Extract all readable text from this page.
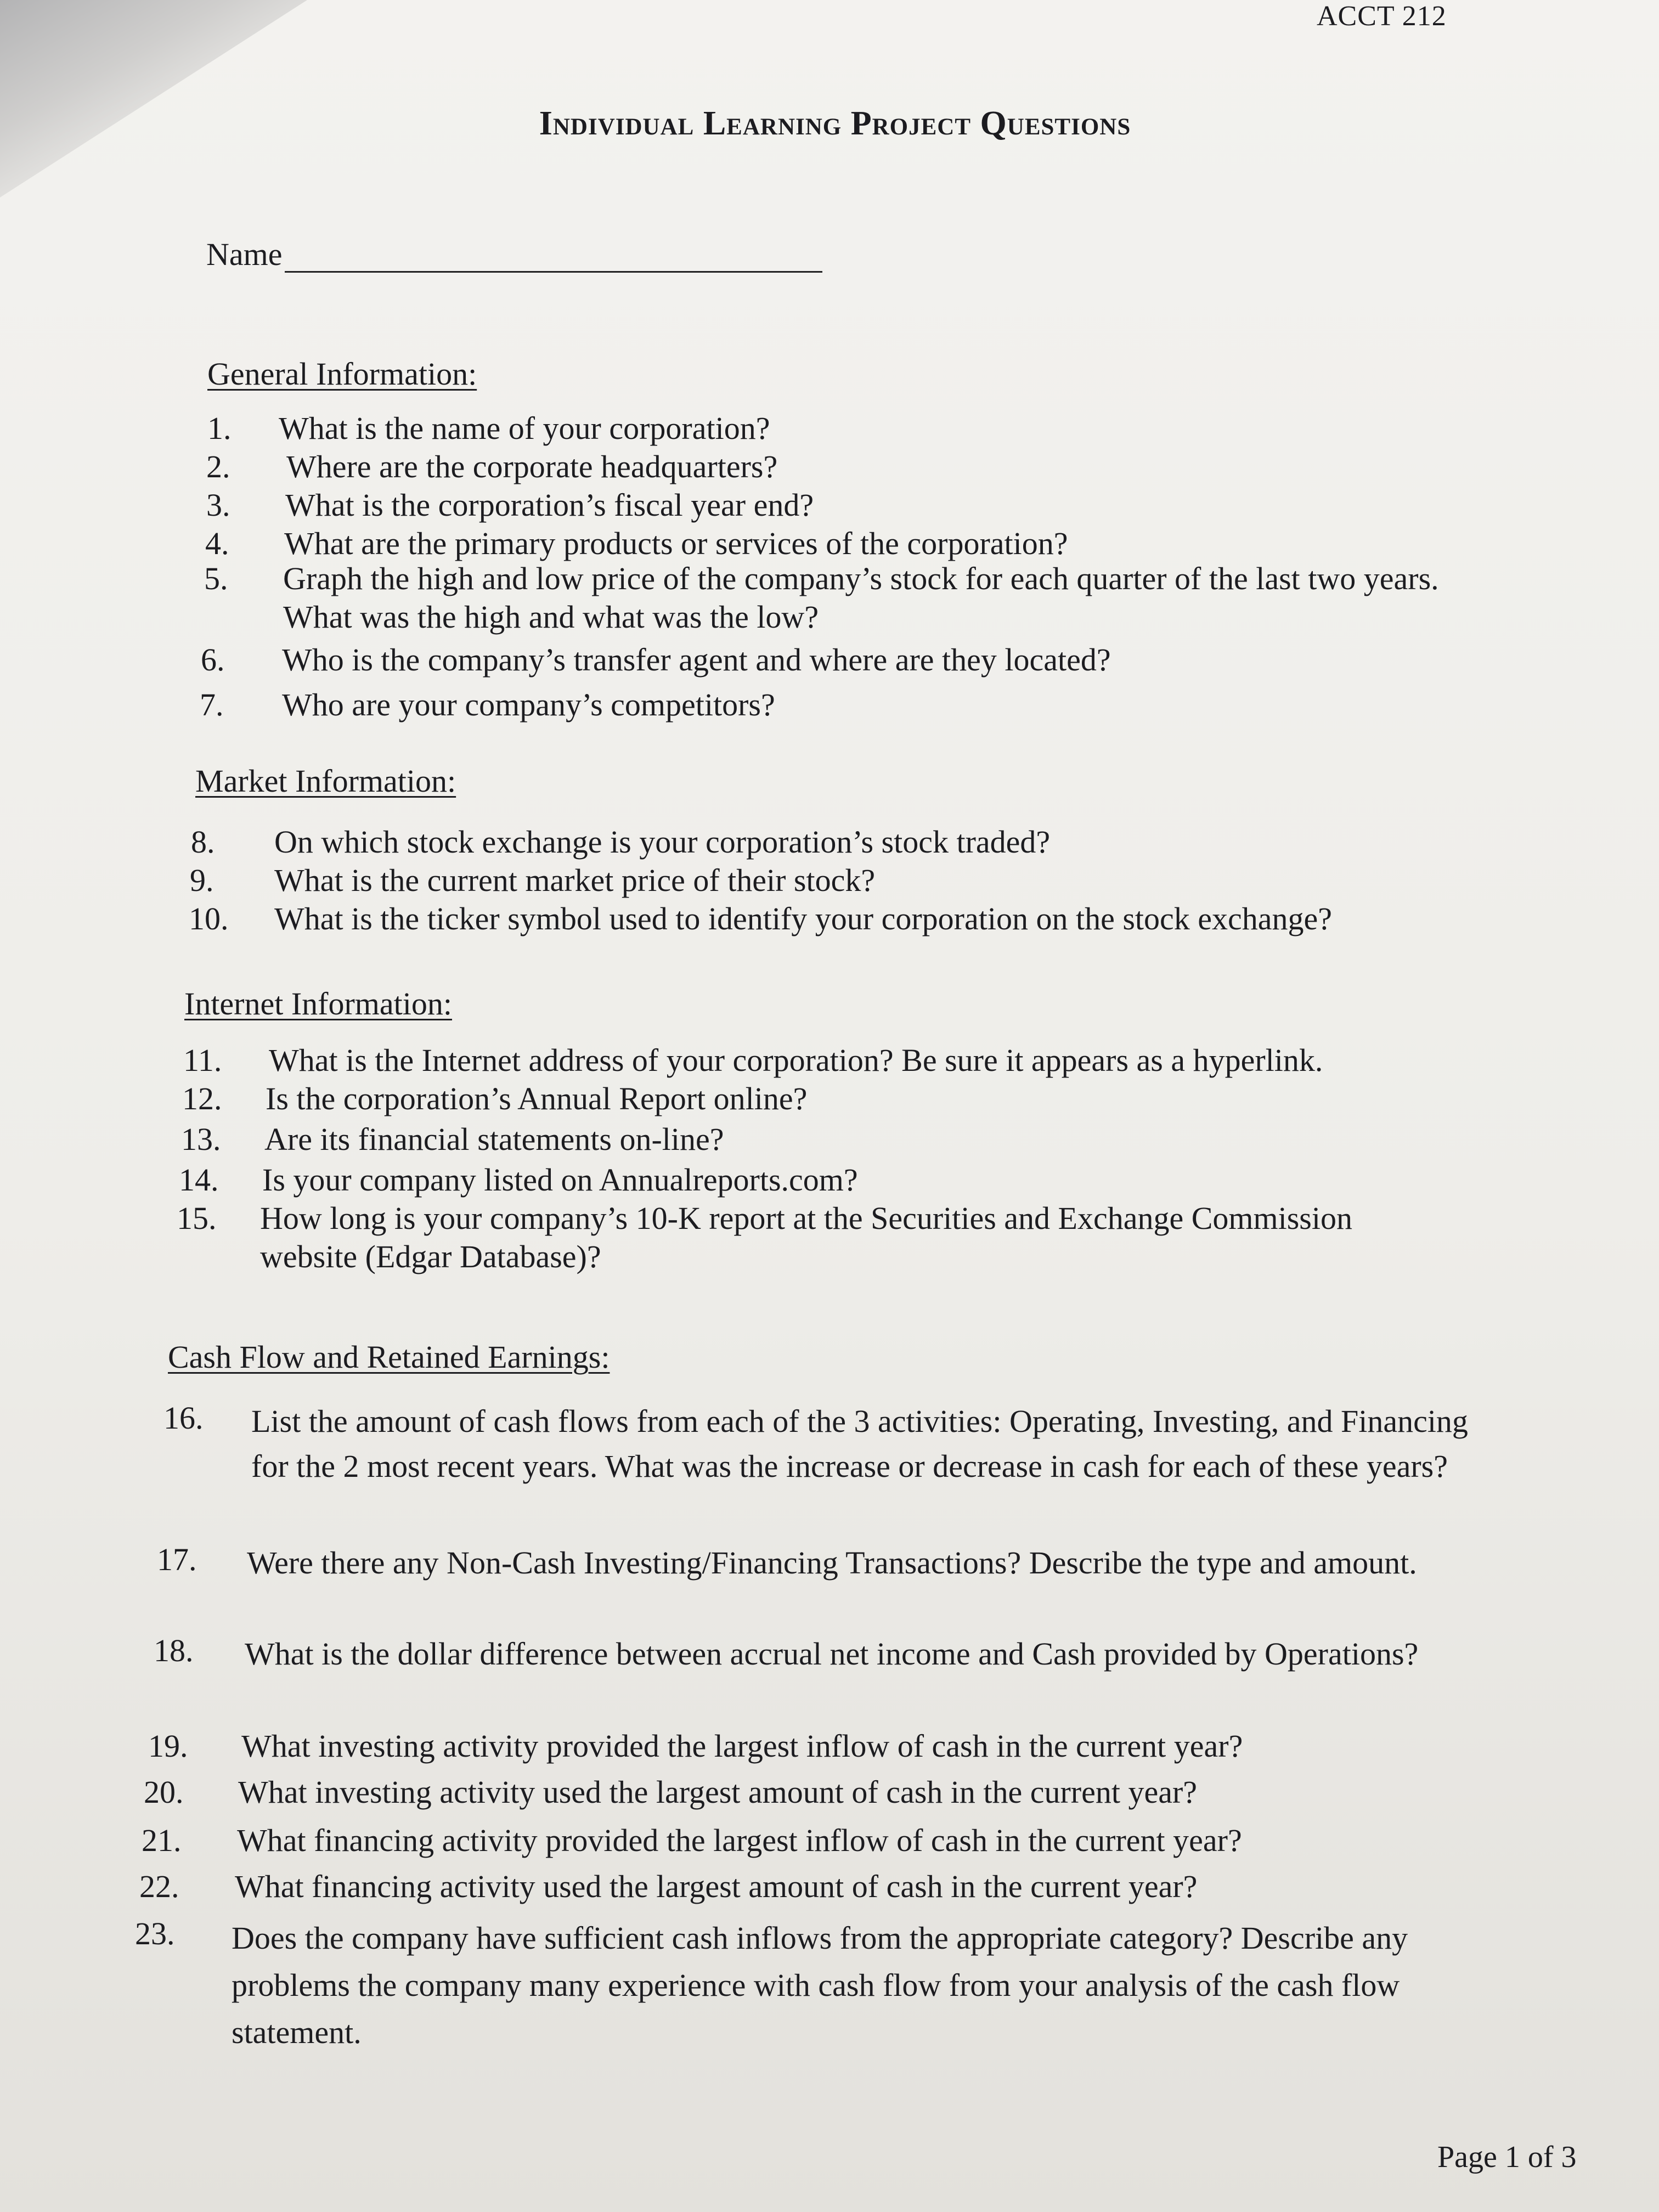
ACCT 212
Individual Learning Project Questions
Name
General Information:
1.	What is the name of your corporation?
2.	Where are the corporate headquarters?
3.	What is the corporation’s fiscal year end?
4.	What are the primary products or services of the corporation?
5.	Graph the high and low price of the company’s stock for each quarter of the last two years. What was the high and what was the low?
6.	Who is the company’s transfer agent and where are they located?
7.	Who are your company’s competitors?
Market Information:
8.	On which stock exchange is your corporation’s stock traded?
9.	What is the current market price of their stock?
10.	What is the ticker symbol used to identify your corporation on the stock exchange?
Internet Information:
11.	What is the Internet address of your corporation? Be sure it appears as a hyperlink.
12.	Is the corporation’s Annual Report online?
13.	Are its financial statements on-line?
14.	Is your company listed on Annualreports.com?
15.	How long is your company’s 10-K report at the Securities and Exchange Commission website (Edgar Database)?
Cash Flow and Retained Earnings:
16.	List the amount of cash flows from each of the 3 activities: Operating, Investing, and Financing for the 2 most recent years. What was the increase or decrease in cash for each of these years?
17.	Were there any Non-Cash Investing/Financing Transactions? Describe the type and amount.
18.	What is the dollar difference between accrual net income and Cash provided by Operations?
19.	What investing activity provided the largest inflow of cash in the current year?
20.	What investing activity used the largest amount of cash in the current year?
21.	What financing activity provided the largest inflow of cash in the current year?
22.	What financing activity used the largest amount of cash in the current year?
23.	Does the company have sufficient cash inflows from the appropriate category? Describe any problems the company many experience with cash flow from your analysis of the cash flow statement.
Page 1 of 3
